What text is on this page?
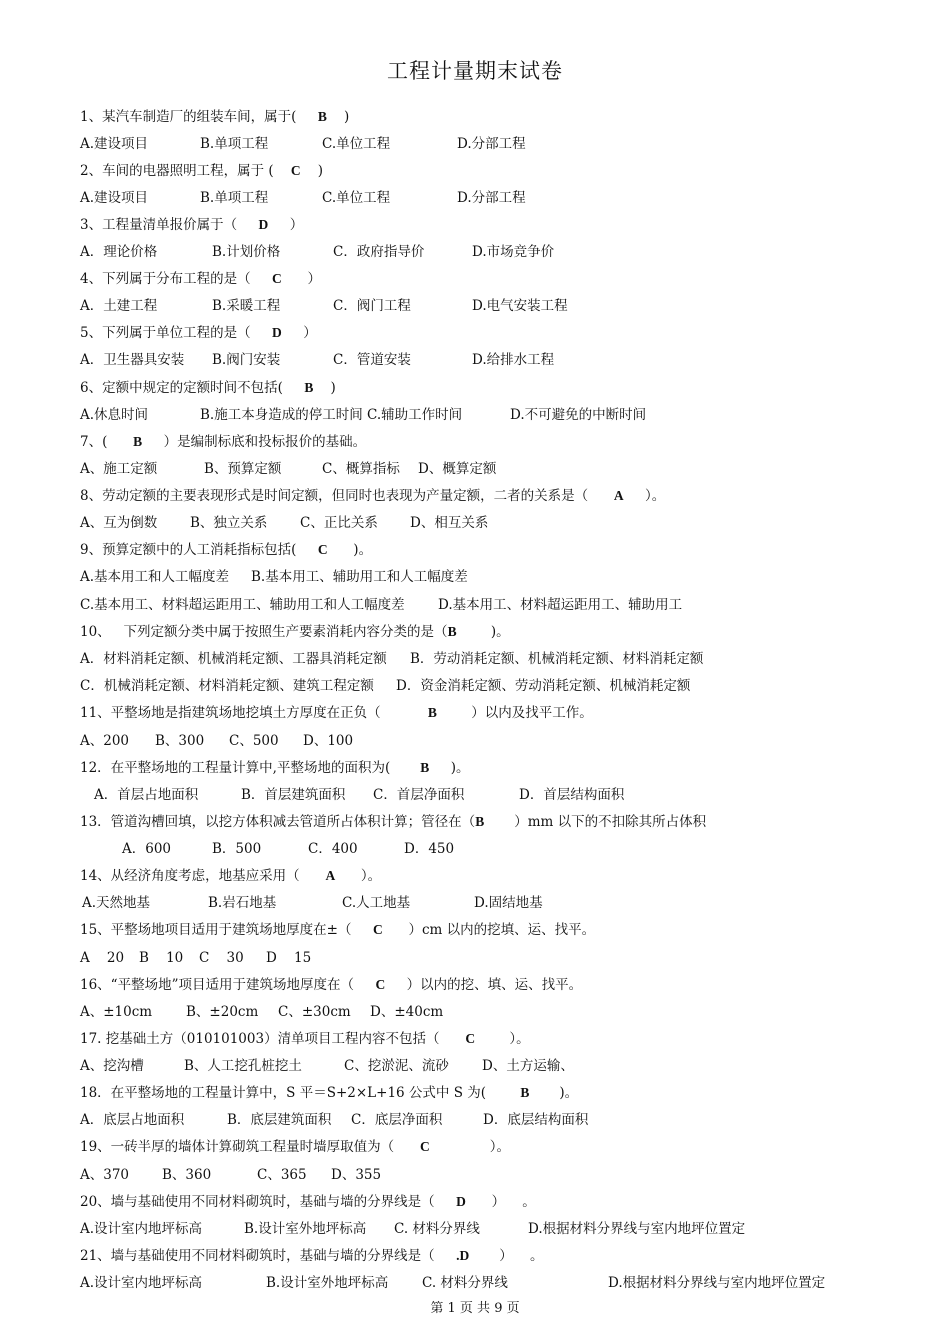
工程计量期末试卷
1、某汽车制造厂的组装车间，属于(     B    )
A.建设项目	B.单项工程	C.单位工程	D.分部工程
2、车间的电器照明工程，属于 (    C    )
A.建设项目	B.单项工程	C.单位工程	D.分部工程
3、工程量清单报价属于（     D     ）
A．理论价格	B.计划价格	C．政府指导价	D.市场竞争价
4、下列属于分布工程的是（     C      ）
A．土建工程	B.采暖工程	C．阀门工程	D.电气安装工程
5、下列属于单位工程的是（     D     ）
A．卫生器具安装 B.阀门安装	C．管道安装	D.给排水工程
6、定额中规定的定额时间不包括(     B    )
A.休息时间	B.施工本身造成的停工时间 C.辅助工作时间	D.不可避免的中断时间
7、(      B     ）是编制标底和投标报价的基础。
A、施工定额	B、预算定额	C、概算指标 D、概算定额
8、劳动定额的主要表现形式是时间定额，但同时也表现为产量定额，二者的关系是（      A     ）。
A、互为倒数 B、独立关系 C、正比关系 D、相互关系
9、预算定额中的人工消耗指标包括(     C      )。
A.基本用工和人工幅度差 B.基本用工、辅助用工和人工幅度差
C.基本用工、材料超运距用工、辅助用工和人工幅度差 D.基本用工、材料超运距用工、辅助用工
10、   下列定额分类中属于按照生产要素消耗内容分类的是（B        )。
A．材料消耗定额、机械消耗定额、工器具消耗定额 B．劳动消耗定额、机械消耗定额、材料消耗定额
C．机械消耗定额、材料消耗定额、建筑工程定额 D．资金消耗定额、劳动消耗定额、机械消耗定额
11、平整场地是指建筑场地挖填土方厚度在正负（           B        ）以内及找平工作。
A、200 B、300 C、500 D、100
12．在平整场地的工程量计算中,平整场地的面积为(       B     )。
A．首层占地面积	B．首层建筑面积 C．首层净面积	D．首层结构面积
13．管道沟槽回填，以挖方体积减去管道所占体积计算；管径在（B       ）mm 以下的不扣除其所占体积
A．600	B．500	C．400	D．450
14、从经济角度考虑，地基应采用（      A      ）。
A.天然地基	B.岩石地基	C.人工地基	D.固结地基
15、平整场地项目适用于建筑场地厚度在±（     C      ）cm 以内的挖填、运、找平。
A    20 B    10 C    30 D    15
16、“平整场地”项目适用于建筑场地厚度在（     C     ）以内的挖、填、运、找平。
A、±10cm	B、±20cm C、±30cm D、±40cm
17. 挖基础土方（010101003）清单项目工程内容不包括（      C        ）。
A、挖沟槽	B、人工挖孔桩挖土	C、挖淤泥、流砂 D、土方运输、
18．在平整场地的工程量计算中，S 平＝S+2×L+16 公式中 S 为(        B       )。
A．底层占地面积	B．底层建筑面积 C．底层净面积	D．底层结构面积
19、一砖半厚的墙体计算砌筑工程量时墙厚取值为（      C              ）。
A、370 B、360	C、365 D、355
20、墙与基础使用不同材料砌筑时，基础与墙的分界线是（     D      ）    。
A.设计室内地坪标高	B.设计室外地坪标高 C. 材料分界线	D.根据材料分界线与室内地坪位置定
21、墙与基础使用不同材料砌筑时，基础与墙的分界线是（     .D       ）    。
A.设计室内地坪标高	B.设计室外地坪标高	C. 材料分界线	D.根据材料分界线与室内地坪位置定
第 1 页 共 9 页
